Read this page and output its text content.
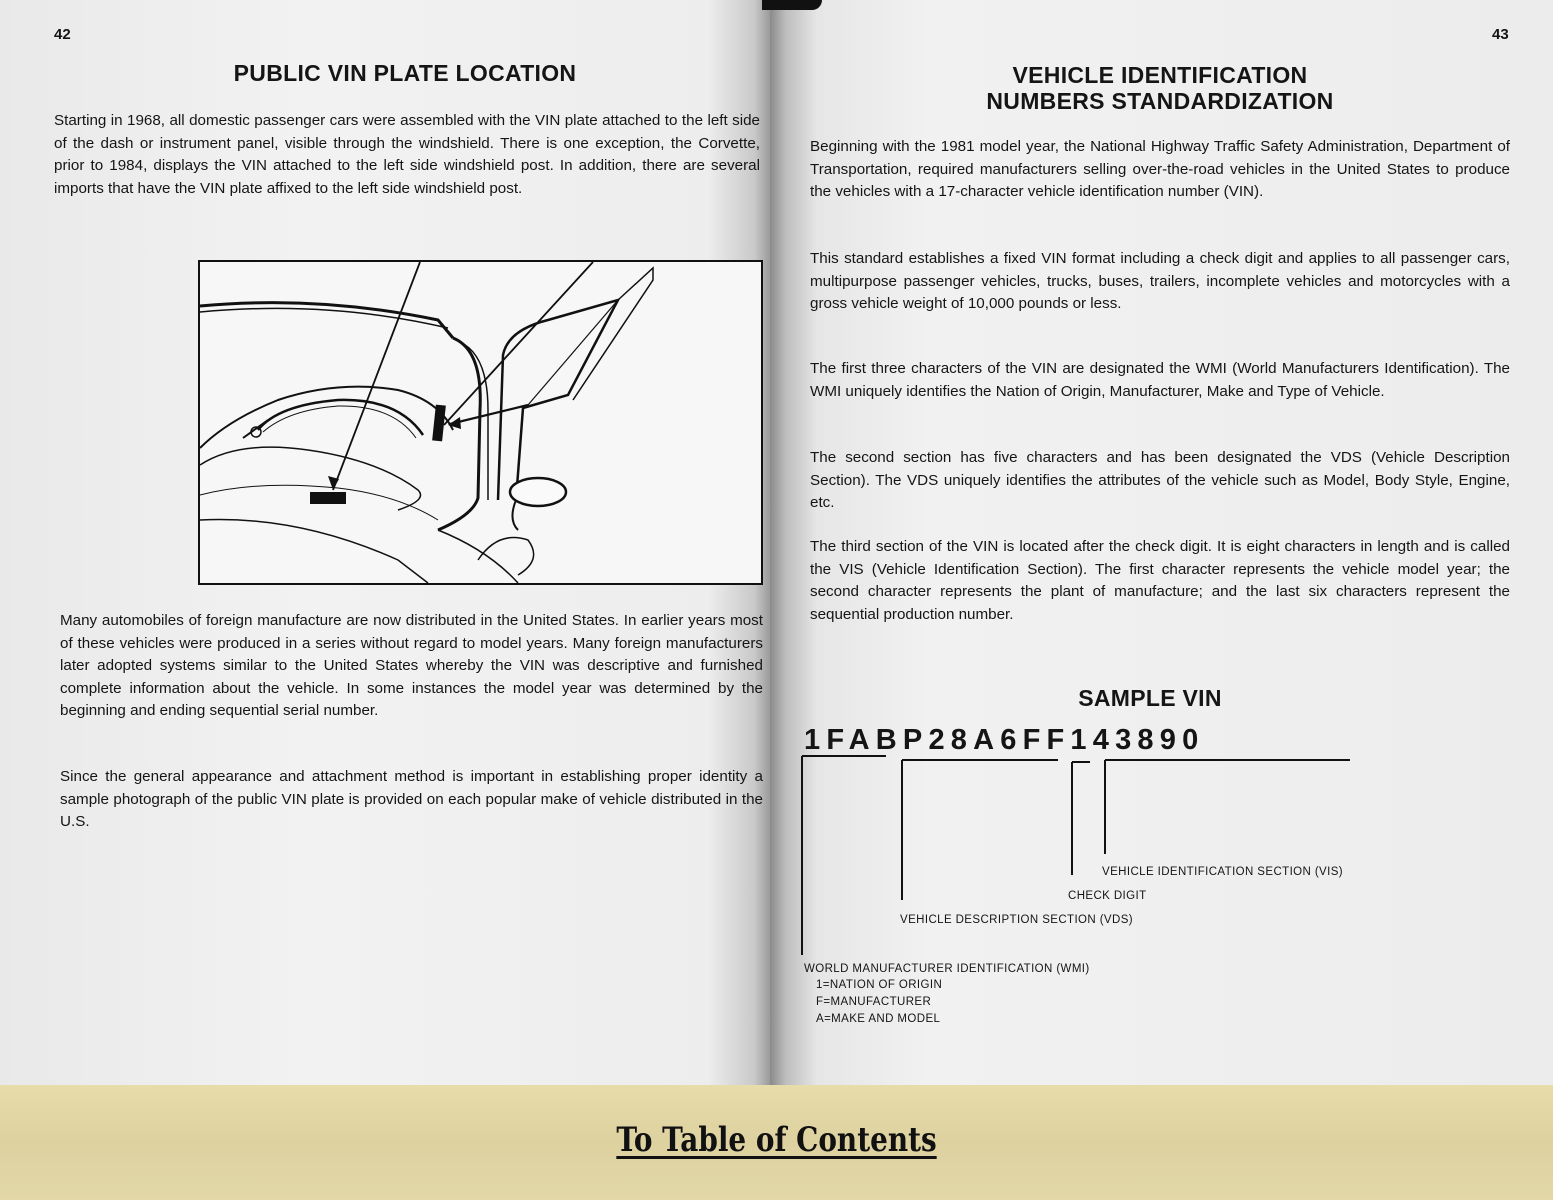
42
PUBLIC VIN PLATE LOCATION

Starting in 1968, all domestic passenger cars were assembled with the VIN plate attached to the left side of the dash or instrument panel, visible through the windshield. There is one exception, the Corvette, prior to 1984, displays the VIN attached to the left side windshield post. In addition, there are several imports that have the VIN plate affixed to the left side windshield post.

Many automobiles of foreign manufacture are now distributed in the United States. In earlier years most of these vehicles were produced in a series without regard to model years. Many foreign manufacturers later adopted systems similar to the United States whereby the VIN was descriptive and furnished complete information about the vehicle. In some instances the model year was determined by the beginning and ending sequential serial number.

Since the general appearance and attachment method is important in establishing proper identity a sample photograph of the public VIN plate is provided on each popular make of vehicle distributed in the U.S.

43
VEHICLE IDENTIFICATION
NUMBERS STANDARDIZATION

Beginning with the 1981 model year, the National Highway Traffic Safety Administration, Department of Transportation, required manufacturers selling over-the-road vehicles in the United States to produce the vehicles with a 17-character vehicle identification number (VIN).

This standard establishes a fixed VIN format including a check digit and applies to all passenger cars, multipurpose passenger vehicles, trucks, buses, trailers, incomplete vehicles and motorcycles with a gross vehicle weight of 10,000 pounds or less.

The first three characters of the VIN are designated the WMI (World Manufacturers Identification). The WMI uniquely identifies the Nation of Origin, Manufacturer, Make and Type of Vehicle.

The second section has five characters and has been designated the VDS (Vehicle Description Section). The VDS uniquely identifies the attributes of the vehicle such as Model, Body Style, Engine, etc.

The third section of the VIN is located after the check digit. It is eight characters in length and is called the VIS (Vehicle Identification Section). The first character represents the vehicle model year; the second character represents the plant of manufacture; and the last six characters represent the sequential production number.

SAMPLE VIN
1FABP28A6FF143890
VEHICLE IDENTIFICATION SECTION (VIS)
CHECK DIGIT
VEHICLE DESCRIPTION SECTION (VDS)
WORLD MANUFACTURER IDENTIFICATION (WMI)
1=NATION OF ORIGIN
F=MANUFACTURER
A=MAKE AND MODEL
To Table of Contents
